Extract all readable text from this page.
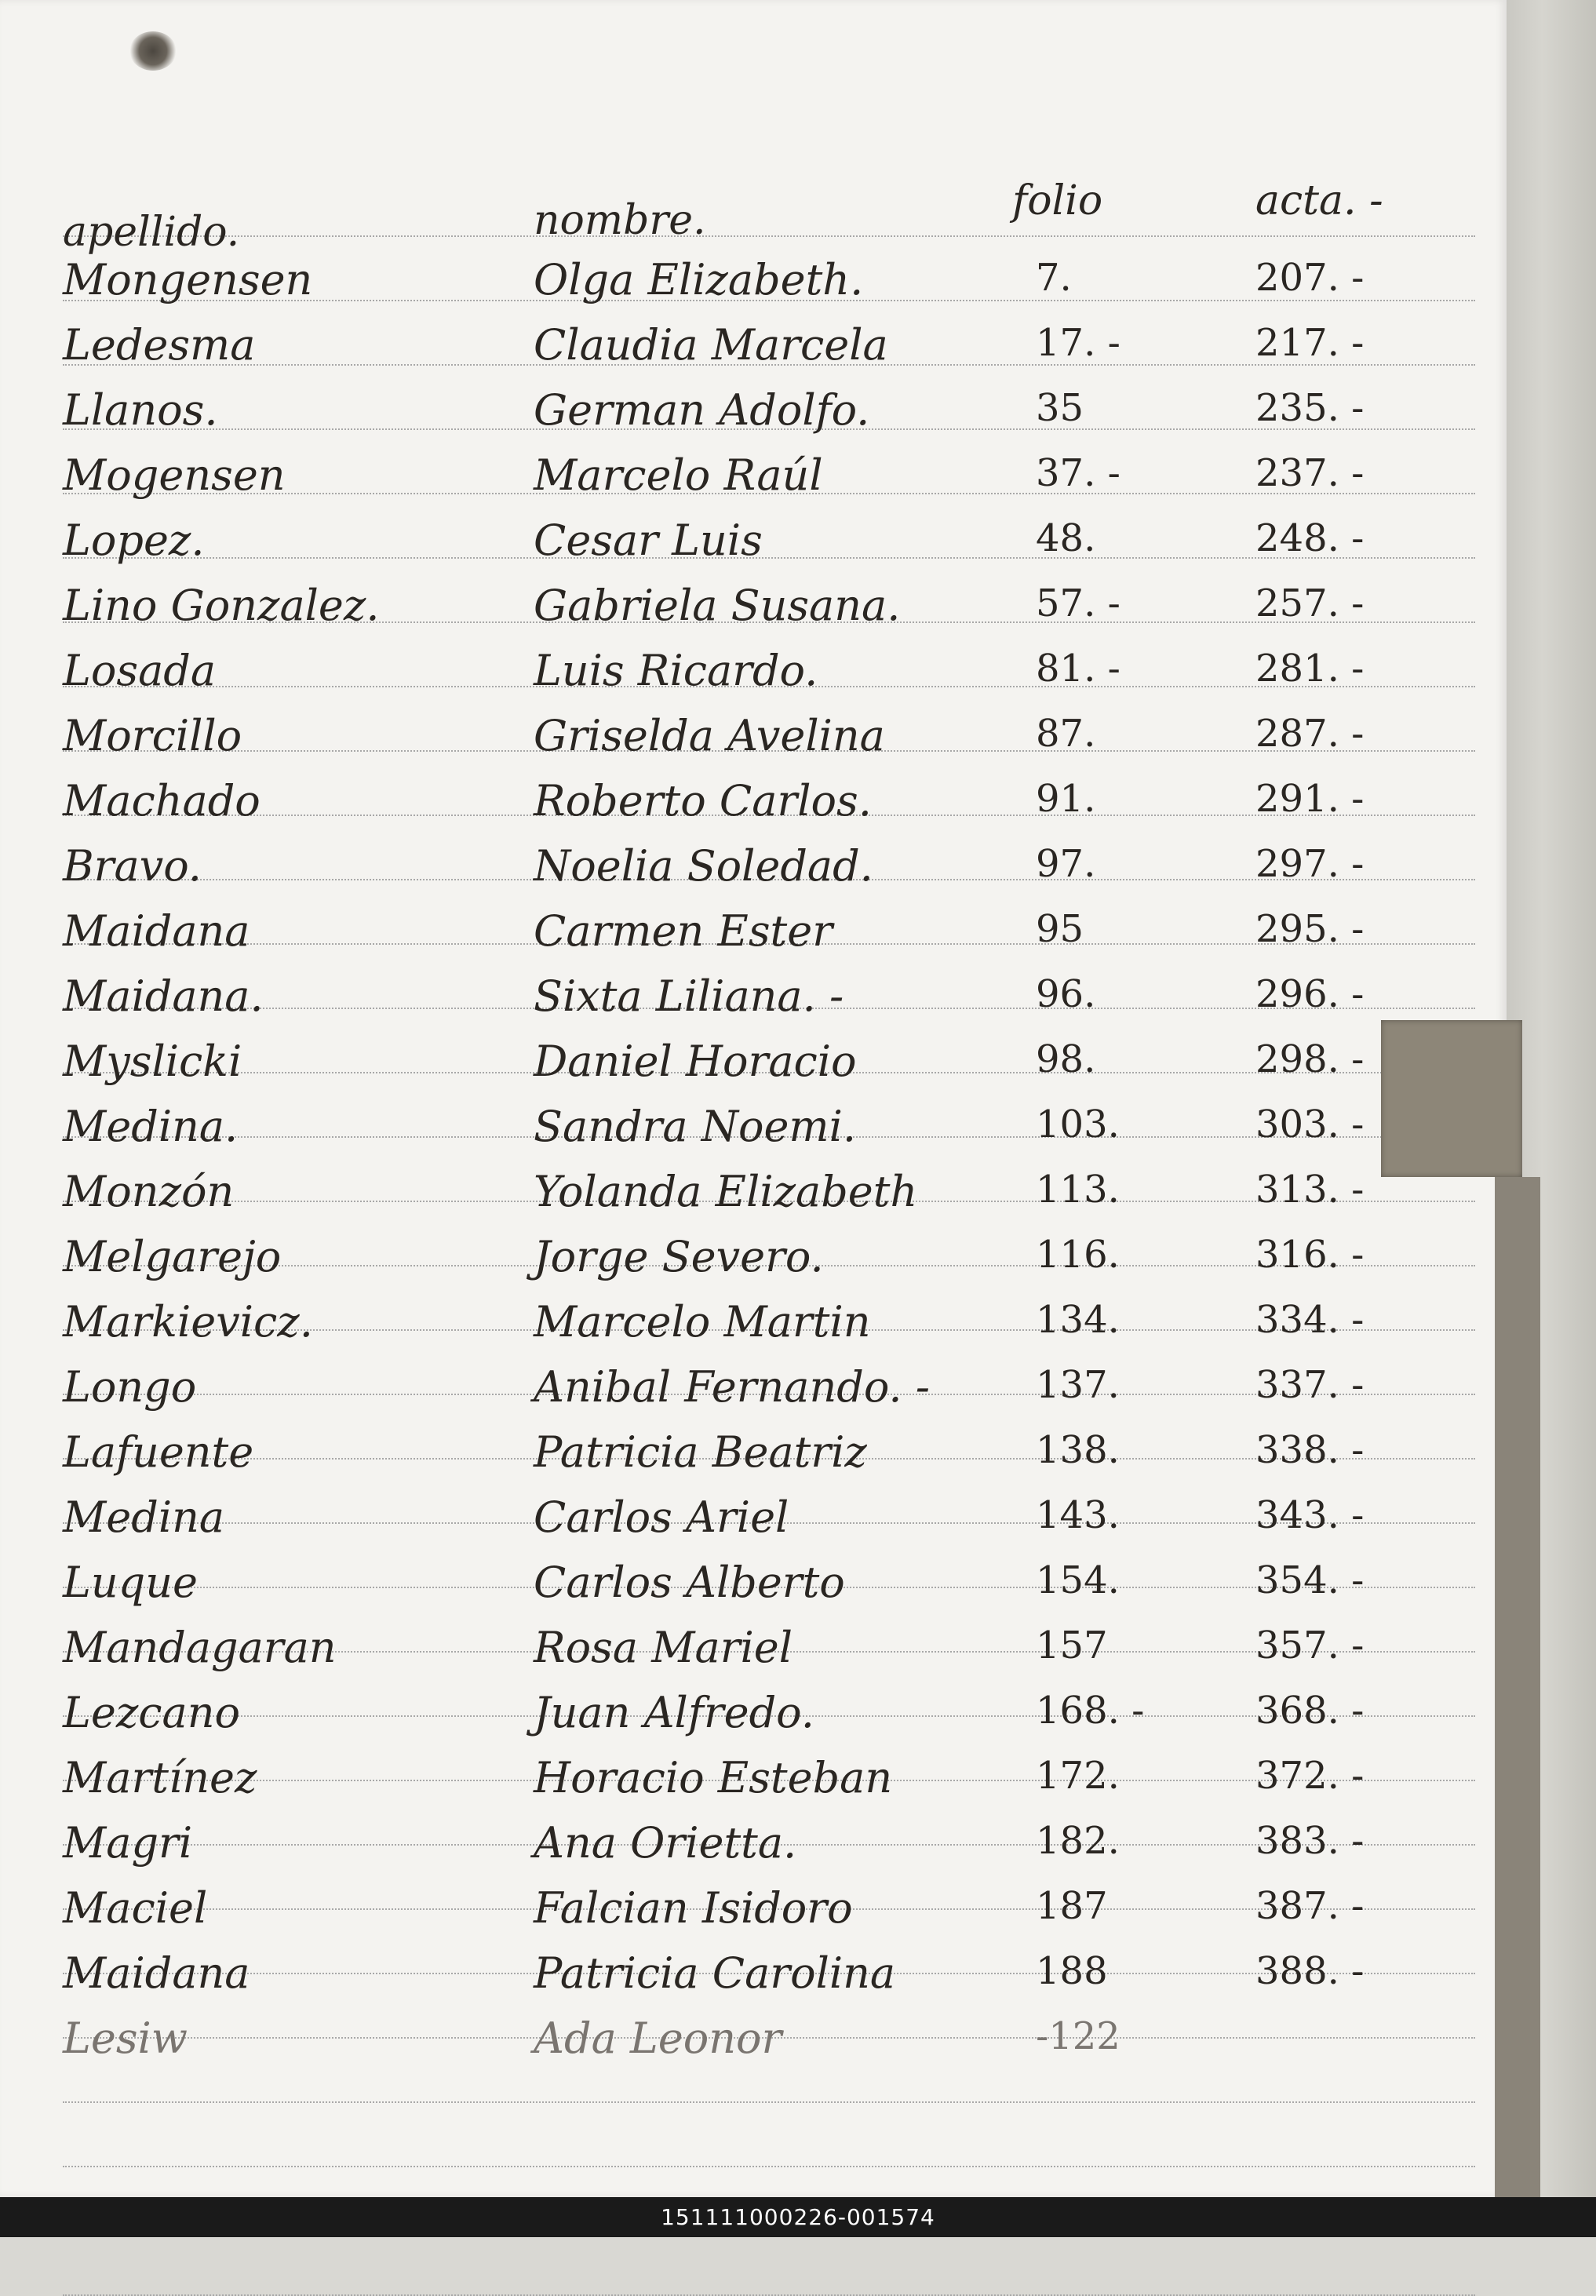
apellido.	nombre.	folio	acta. -
Mongensen	Olga Elizabeth.	7.	207. -
Ledesma	Claudia Marcela	17. -	217. -
Llanos.	German Adolfo.	35	235. -
Mogensen	Marcelo Raúl	37. -	237. -
Lopez.	Cesar Luis	48.	248. -
Lino Gonzalez.	Gabriela Susana.	57. -	257. -
Losada	Luis Ricardo.	81. -	281. -
Morcillo	Griselda Avelina	87.	287. -
Machado	Roberto Carlos.	91.	291. -
Bravo.	Noelia Soledad.	97.	297. -
Maidana	Carmen Ester	95	295. -
Maidana.	Sixta Liliana. -	96.	296. -
Myslicki	Daniel Horacio	98.	298. -
Medina.	Sandra Noemi.	103.	303. -
Monzón	Yolanda Elizabeth	113.	313. -
Melgarejo	Jorge Severo.	116.	316. -
Markievicz.	Marcelo Martin	134.	334. -
Longo	Anibal Fernando. -	137.	337. -
Lafuente	Patricia Beatriz	138.	338. -
Medina	Carlos Ariel	143.	343. -
Luque	Carlos Alberto	154.	354. -
Mandagaran	Rosa Mariel	157	357. -
Lezcano	Juan Alfredo.	168. -	368. -
Martínez	Horacio Esteban	172.	372. -
Magri	Ana Orietta.	182.	383. -
Maciel	Falcian Isidoro	187	387. -
Maidana	Patricia Carolina	188	388. -
Lesiw	Ada Leonor	-122
151111000226-001574
